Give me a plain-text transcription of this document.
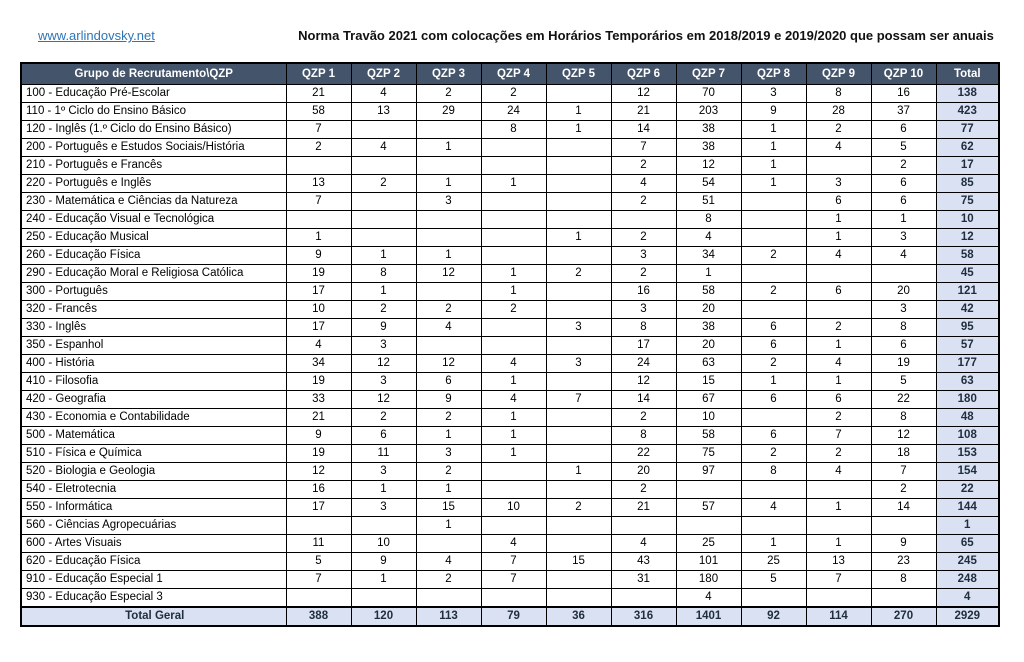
www.arlindovsky.net	Norma Travão 2021 com colocações em Horários Temporários em 2018/2019 e 2019/2020 que possam ser anuais
Grupo de Recrutamento\QZP	QZP 1	QZP 2	QZP 3	QZP 4	QZP 5	QZP 6	QZP 7	QZP 8	QZP 9	QZP 10	Total
100 - Educação Pré-Escolar	21	4	2	2		12	70	3	8	16	138
110 - 1º Ciclo do Ensino Básico	58	13	29	24	1	21	203	9	28	37	423
120 - Inglês (1.º Ciclo do Ensino Básico)	7			8	1	14	38	1	2	6	77
200 - Português e Estudos Sociais/História	2	4	1			7	38	1	4	5	62
210 - Português e Francês						2	12	1		2	17
220 - Português e Inglês	13	2	1	1		4	54	1	3	6	85
230 - Matemática e Ciências da Natureza	7		3			2	51		6	6	75
240 - Educação Visual e Tecnológica							8		1	1	10
250 - Educação Musical	1				1	2	4		1	3	12
260 - Educação Física	9	1	1			3	34	2	4	4	58
290 - Educação Moral e Religiosa Católica	19	8	12	1	2	2	1				45
300 - Português	17	1		1		16	58	2	6	20	121
320 - Francês	10	2	2	2		3	20			3	42
330 - Inglês	17	9	4		3	8	38	6	2	8	95
350 - Espanhol	4	3				17	20	6	1	6	57
400 - História	34	12	12	4	3	24	63	2	4	19	177
410 - Filosofia	19	3	6	1		12	15	1	1	5	63
420 - Geografia	33	12	9	4	7	14	67	6	6	22	180
430 - Economia e Contabilidade	21	2	2	1		2	10		2	8	48
500 - Matemática	9	6	1	1		8	58	6	7	12	108
510 - Física e Química	19	11	3	1		22	75	2	2	18	153
520 - Biologia e Geologia	12	3	2		1	20	97	8	4	7	154
540 - Eletrotecnia	16	1	1			2				2	22
550 - Informática	17	3	15	10	2	21	57	4	1	14	144
560 - Ciências Agropecuárias			1								1
600 - Artes Visuais	11	10		4		4	25	1	1	9	65
620 - Educação Física	5	9	4	7	15	43	101	25	13	23	245
910 - Educação Especial 1	7	1	2	7		31	180	5	7	8	248
930 - Educação Especial 3							4				4
Total Geral	388	120	113	79	36	316	1401	92	114	270	2929
